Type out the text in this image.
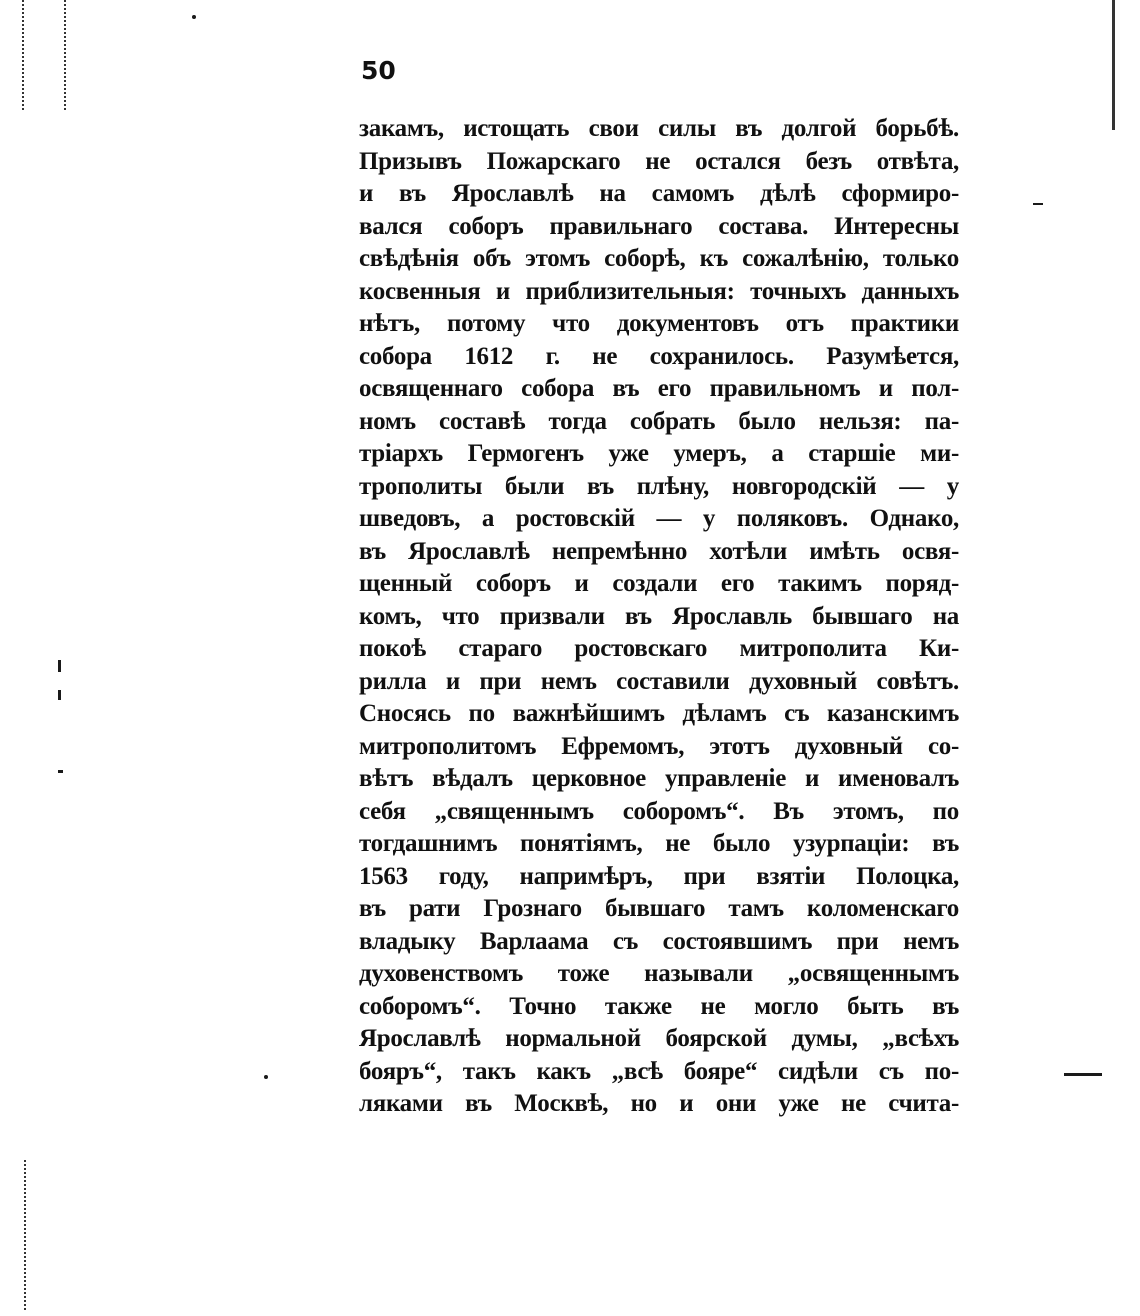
50
закамъ, истощать свои силы въ долгой борьбѣ.
Призывъ Пожарскаго не остался безъ отвѣта,
и въ Ярославлѣ на самомъ дѣлѣ сформиро-
вался соборъ правильнаго состава. Интересны
свѣдѣнія объ этомъ соборѣ, къ сожалѣнію, только
косвенныя и приблизительныя: точныхъ данныхъ
нѣтъ, потому что документовъ отъ практики
собора 1612 г. не сохранилось. Разумѣется,
освященнаго собора въ его правильномъ и пол-
номъ составѣ тогда собрать было нельзя: па-
тріархъ Гермогенъ уже умеръ, а старшіе ми-
трополиты были въ плѣну, новгородскій — у
шведовъ, а ростовскій — у поляковъ. Однако,
въ Ярославлѣ непремѣнно хотѣли имѣть освя-
щенный соборъ и создали его такимъ поряд-
комъ, что призвали въ Ярославль бывшаго на
покоѣ стараго ростовскаго митрополита Ки-
рилла и при немъ составили духовный совѣтъ.
Сносясь по важнѣйшимъ дѣламъ съ казанскимъ
митрополитомъ Ефремомъ, этотъ духовный со-
вѣтъ вѣдалъ церковное управленіе и именовалъ
себя „священнымъ соборомъ“. Въ этомъ, по
тогдашнимъ понятіямъ, не было узурпаціи: въ
1563 году, напримѣръ, при взятіи Полоцка,
въ рати Грознаго бывшаго тамъ коломенскаго
владыку Варлаама съ состоявшимъ при немъ
духовенствомъ тоже называли „освященнымъ
соборомъ“. Точно также не могло быть въ
Ярославлѣ нормальной боярской думы, „всѣхъ
бояръ“, такъ какъ „всѣ бояре“ сидѣли съ по-
ляками въ Москвѣ, но и они уже не счита-
